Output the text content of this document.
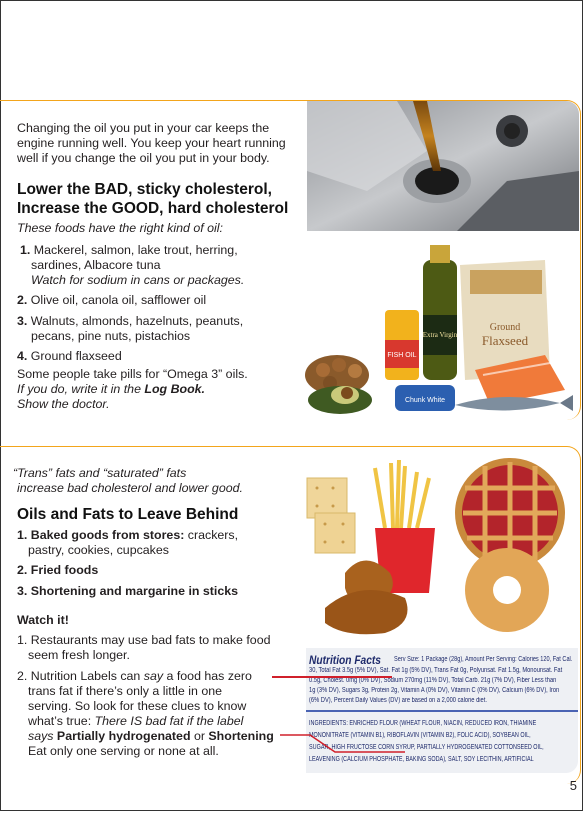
Changing the oil you put in your car keeps the
engine running well. You keep your heart running
well if you change the oil you put in your body.
Lower the BAD, sticky cholesterol,
Increase the GOOD, hard cholesterol
These foods have the right kind of oil:
1. Mackerel, salmon, lake trout, herring,
sardines, Albacore tuna
Watch for sodium in cans or packages.
2. Olive oil, canola oil, safflower oil
3. Walnuts, almonds, hazelnuts, peanuts,
pecans, pine nuts, pistachios
4. Ground flaxseed
Some people take pills for “Omega 3” oils.
If you do, write it in the Log Book.
Show the doctor.
FISH OIL
Extra Virgin
Ground
Flaxseed
Chunk White
“Trans” fats and “saturated” fats
increase bad cholesterol and lower good.
Oils and Fats to Leave Behind
1. Baked goods from stores: crackers,
pastry, cookies, cupcakes
2. Fried foods
3. Shortening and margarine in sticks
Watch it!
1. Restaurants may use bad fats to make food
seem fresh longer.
2. Nutrition Labels can say a food has zero
trans fat if there’s only a little in one
serving. So look for these clues to know
what’s true: There IS bad fat if the label
says Partially hydrogenated or Shortening
Eat only one serving or none at all.
Nutrition Facts Serv Size: 1 Package (28g), Amount Per Serving: Calories 120, Fat Cal.
30, Total Fat 3.5g (5% DV), Sat. Fat 1g (5% DV), Trans Fat 0g, Polyunsat. Fat 1.5g, Monounsat. Fat
0.5g, Cholest. 0mg (0% DV), Sodium 270mg (11% DV), Total Carb. 21g (7% DV), Fiber Less than
1g (3% DV), Sugars 3g, Protein 2g, Vitamin A (0% DV), Vitamin C (0% DV), Calcium (6% DV), Iron
(6% DV), Percent Daily Values (DV) are based on a 2,000 calorie diet.
INGREDIENTS: ENRICHED FLOUR (WHEAT FLOUR, NIACIN, REDUCED IRON, THIAMINE
MONONITRATE (VITAMIN B1), RIBOFLAVIN (VITAMIN B2), FOLIC ACID), SOYBEAN OIL,
SUGAR, HIGH FRUCTOSE CORN SYRUP, PARTIALLY HYDROGENATED COTTONSEED OIL,
LEAVENING (CALCIUM PHOSPHATE, BAKING SODA), SALT, SOY LECITHIN, ARTIFICIAL
5
